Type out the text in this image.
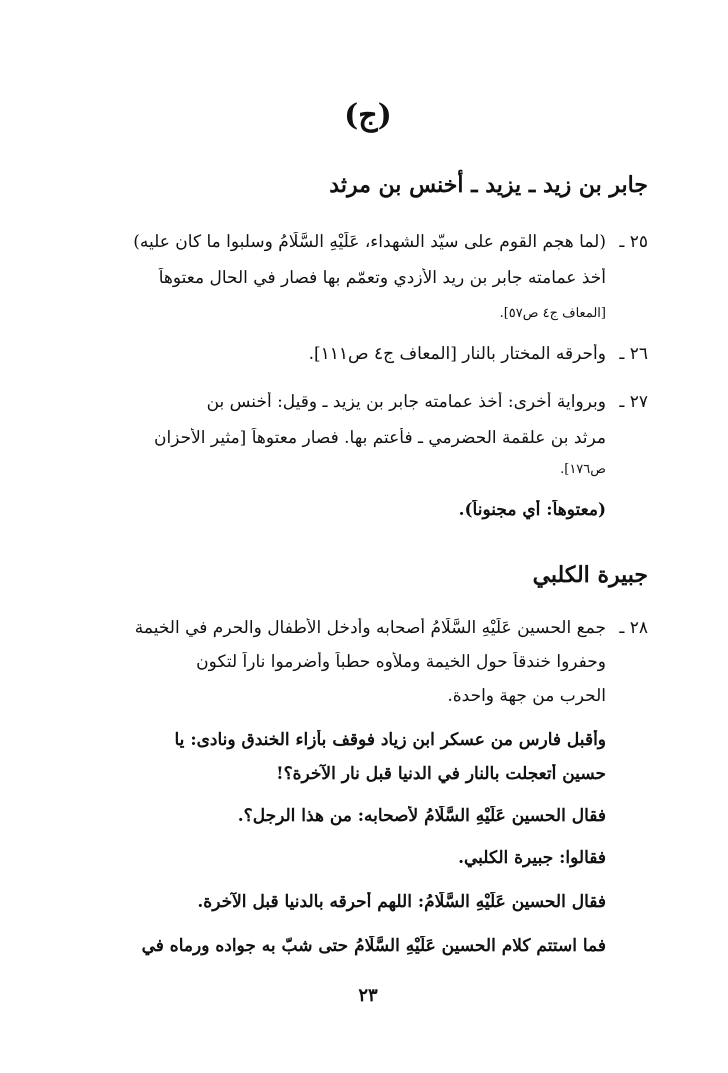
(ج)
جابر بن زيد ـ يزيد ـ أخنس بن مرثد
٢٥ ـ(لما هجم القوم على سيّد الشهداء، عَلَيْهِ السَّلَامُ وسلبوا ما كان عليه)
أخذ عمامته جابر بن ريد الأزدي وتعمّم بها فصار في الحال معتوهاً
[المعاف ج٤ ص٥٧].
٢٦ ـوأحرقه المختار بالنار [المعاف ج٤ ص١١١].
٢٧ ـوبرواية أخرى: أخذ عمامته جابر بن يزيد ـ وقيل: أخنس بن
مرثد بن علقمة الحضرمي ـ فأعتم بها. فصار معتوهاً [مثير الأحزان
ص١٧٦].
(معتوهاً: أي مجنوناً).
جبيرة الكلبي
٢٨ ـجمع الحسين عَلَيْهِ السَّلَامُ أصحابه وأدخل الأطفال والحرم في الخيمة
وحفروا خندقاً حول الخيمة وملأوه حطباً وأضرموا ناراً لتكون
الحرب من جهة واحدة.
وأقبل فارس من عسكر ابن زياد فوقف بأزاء الخندق ونادى: يا
حسين أتعجلت بالنار في الدنيا قبل نار الآخرة؟!
فقال الحسين عَلَيْهِ السَّلَامُ لأصحابه: من هذا الرجل؟.
فقالوا: جبيرة الكلبي.
فقال الحسين عَلَيْهِ السَّلَامُ: اللهم أحرقه بالدنيا قبل الآخرة.
فما استتم كلام الحسين عَلَيْهِ السَّلَامُ حتى شبّ به جواده ورماه في
٢٣
